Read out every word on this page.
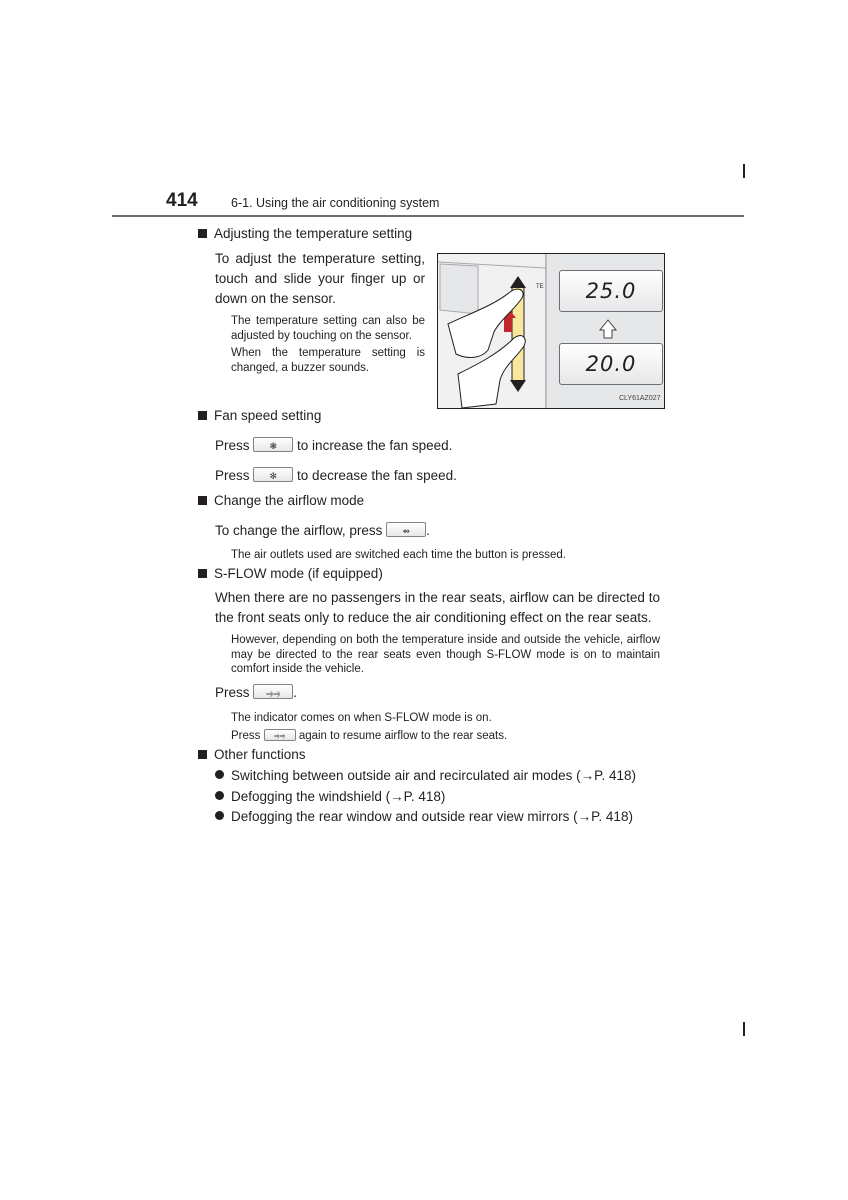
414	6-1. Using the air conditioning system
Adjusting the temperature setting
To adjust the temperature setting, touch and slide your finger up or down on the sensor.
The temperature setting can also be adjusted by touching on the sensor.
When the temperature setting is changed, a buzzer sounds.
TE	25.0
20.0
CLY61AZ027
Fan speed setting
Press	❃	to increase the fan speed.
Press	✻	to decrease the fan speed.
Change the airflow mode
To change the airflow, press	⇴	.
The air outlets used are switched each time the button is pressed.
S-FLOW mode (if equipped)
When there are no passengers in the rear seats, airflow can be directed to the front seats only to reduce the air conditioning effect on the rear seats.
However, depending on both the temperature inside and outside the vehicle, airflow may be directed to the rear seats even though S-FLOW mode is on to maintain comfort inside the vehicle.
Press	⥤⥤ .
The indicator comes on when S-FLOW mode is on.
Press	⥤⥤	again to resume airflow to the rear seats.
Other functions
Switching between outside air and recirculated air modes (→P. 418)
Defogging the windshield (→P. 418)
Defogging the rear window and outside rear view mirrors (→P. 418)
